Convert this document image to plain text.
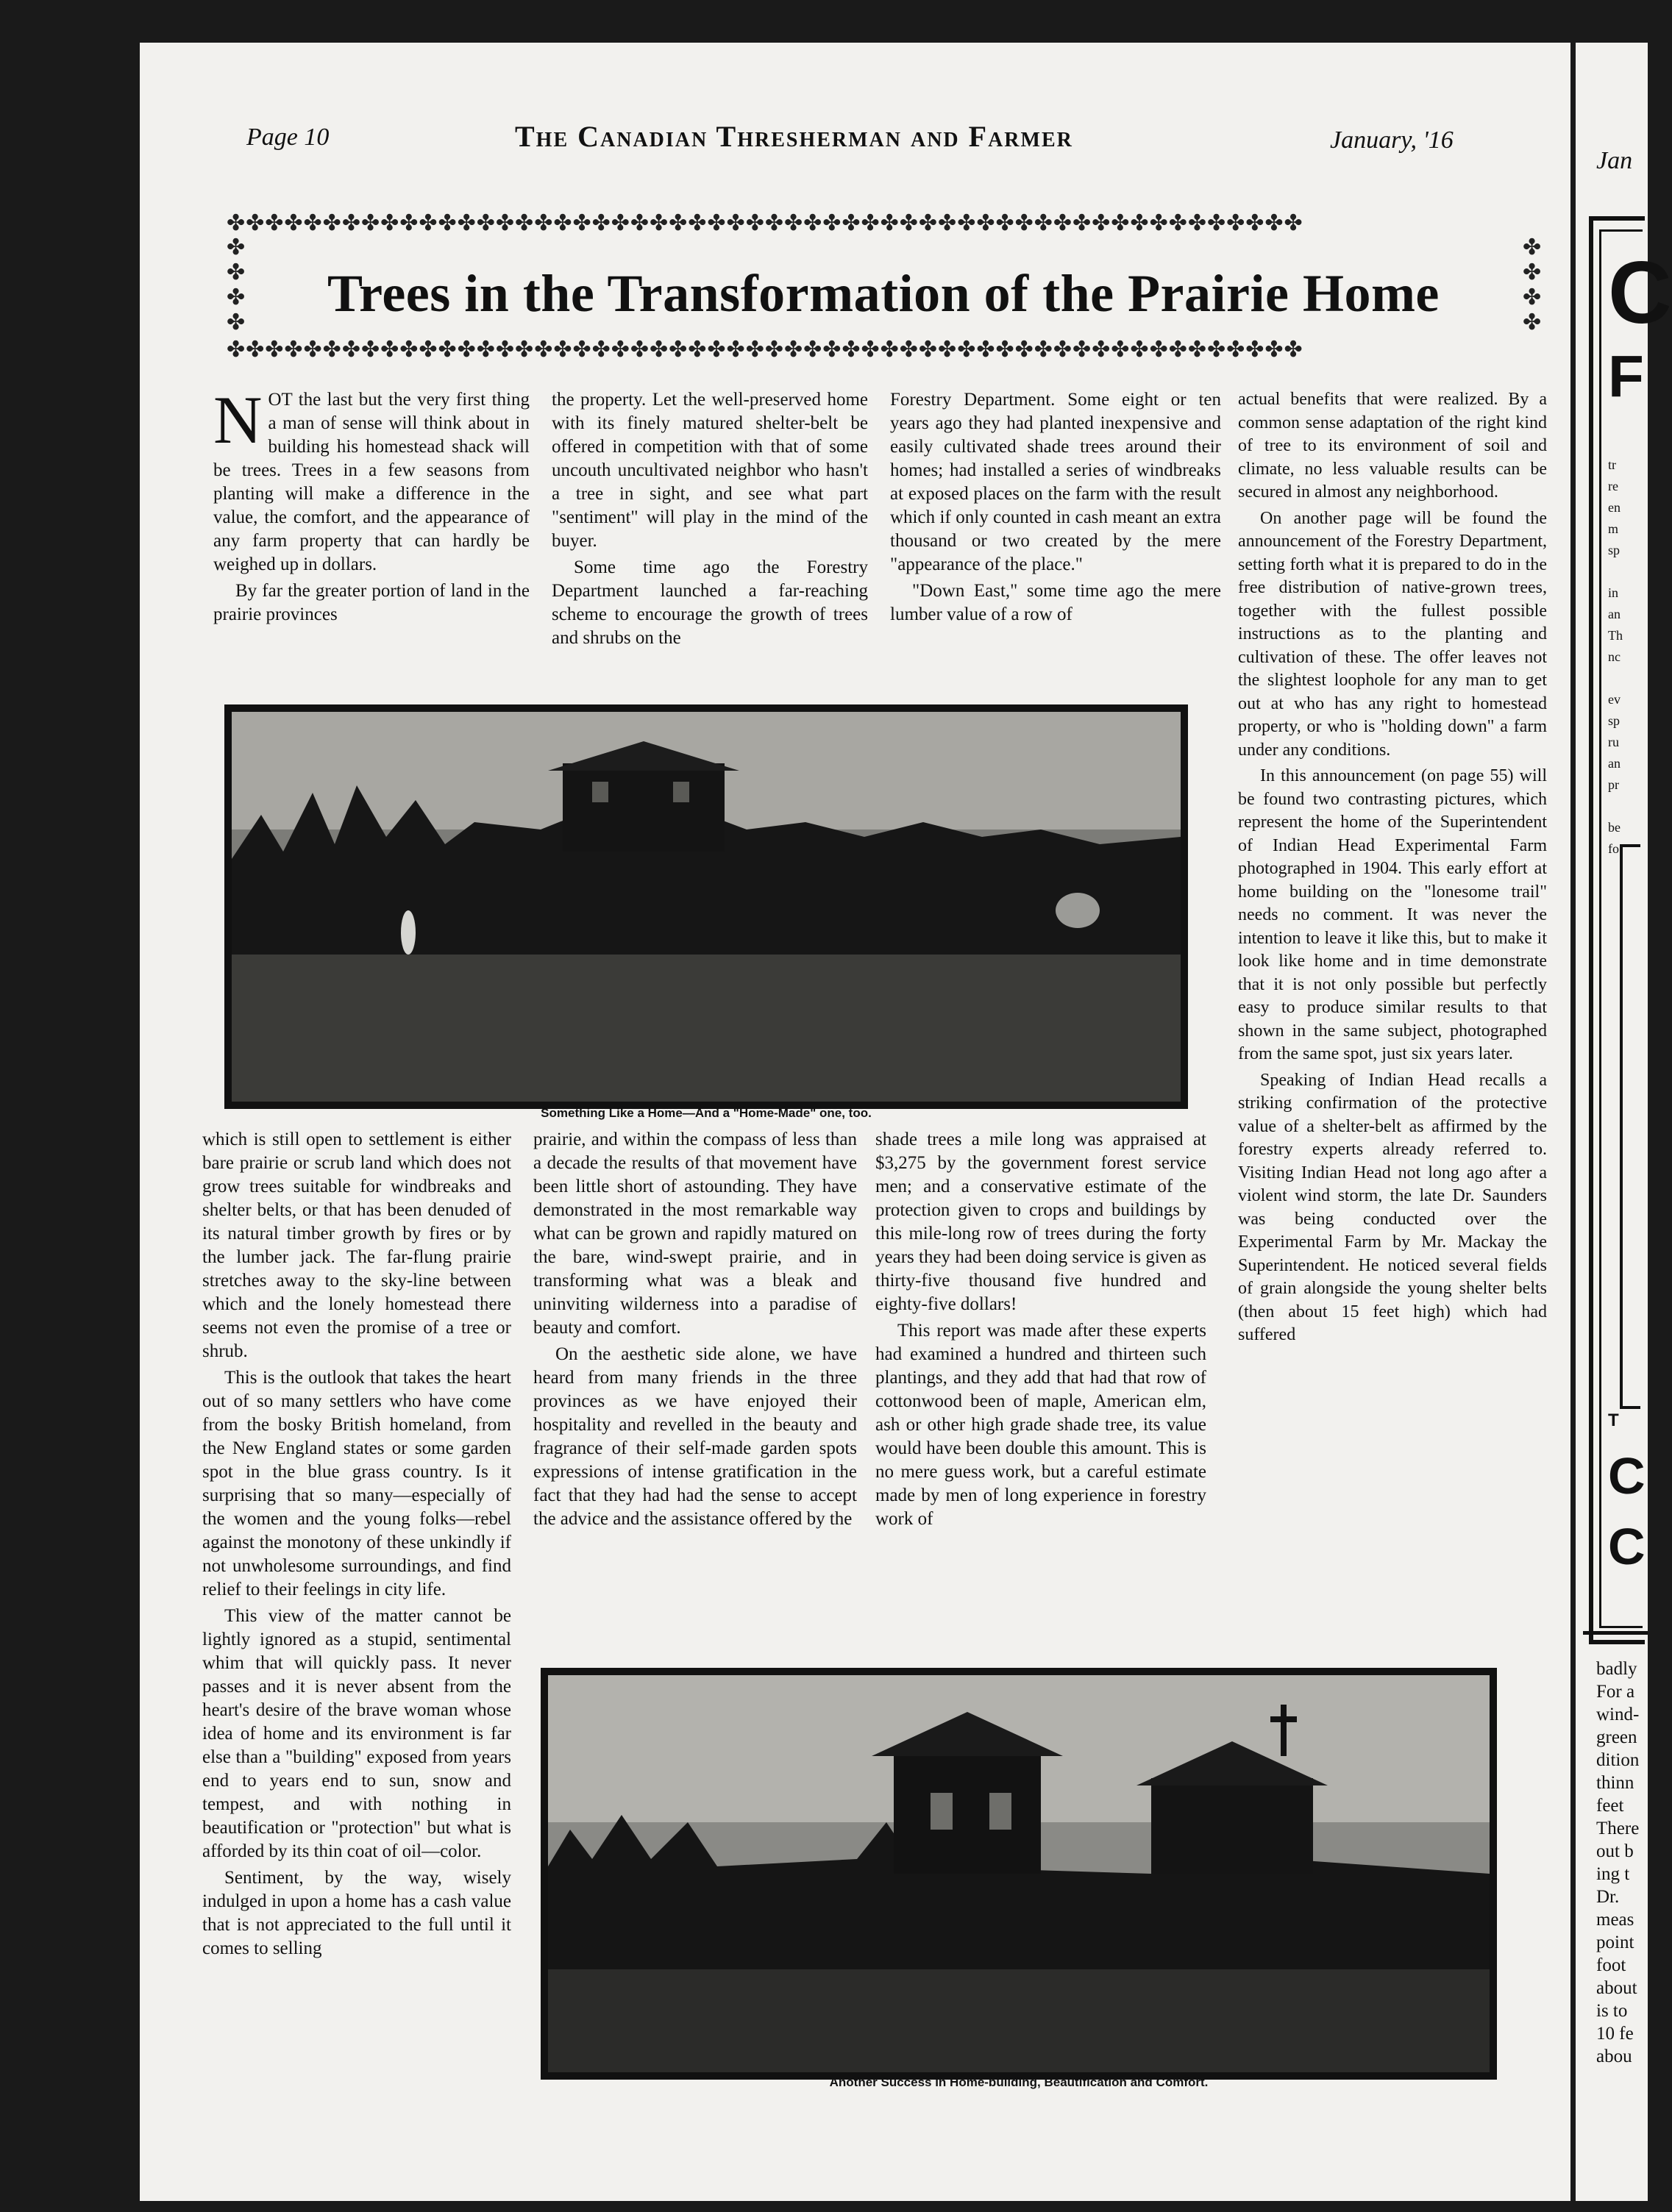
Page 10	The Canadian Thresherman and Farmer	January, '16
✤✤✤✤✤✤✤✤✤✤✤✤✤✤✤✤✤✤✤✤✤✤✤✤✤✤✤✤✤✤✤✤✤✤✤✤✤✤✤✤✤✤✤✤✤✤✤✤✤✤✤✤✤✤✤✤
✤✤✤✤✤✤✤✤✤✤✤✤✤✤✤✤✤✤✤✤✤✤✤✤✤✤✤✤✤✤✤✤✤✤✤✤✤✤✤✤✤✤✤✤✤✤✤✤✤✤✤✤✤✤✤✤
✤ ✤ ✤ ✤
✤ ✤ ✤ ✤
Trees in the Transformation of the Prairie Home

NOT the last but the very first thing a man of sense will think about in building his homestead shack will be trees. Trees in a few seasons from planting will make a difference in the value, the comfort, and the appearance of any farm property that can hardly be weighed up in dollars.

By far the greater portion of land in the prairie provinces

the property. Let the well-preserved home with its finely matured shelter-belt be offered in competition with that of some uncouth uncultivated neighbor who hasn't a tree in sight, and see what part "sentiment" will play in the mind of the buyer.

Some time ago the Forestry Department launched a far-reaching scheme to encourage the growth of trees and shrubs on the

Forestry Department. Some eight or ten years ago they had planted inexpensive and easily cultivated shade trees around their homes; had installed a series of windbreaks at exposed places on the farm with the result which if only counted in cash meant an extra thousand or two created by the mere "appearance of the place."

"Down East," some time ago the mere lumber value of a row of

actual benefits that were realized. By a common sense adaptation of the right kind of tree to its environment of soil and climate, no less valuable results can be secured in almost any neighborhood.

On another page will be found the announcement of the Forestry Department, setting forth what it is prepared to do in the free distribution of native-grown trees, together with the fullest possible instructions as to the planting and cultivation of these. The offer leaves not the slightest loophole for any man to get out at who has any right to homestead property, or who is "holding down" a farm under any conditions.

In this announcement (on page 55) will be found two contrasting pictures, which represent the home of the Superintendent of Indian Head Experimental Farm photographed in 1904. This early effort at home building on the "lonesome trail" needs no comment. It was never the intention to leave it like this, but to make it look like home and in time demonstrate that it is not only possible but perfectly easy to produce similar results to that shown in the same subject, photographed from the same spot, just six years later.

Speaking of Indian Head recalls a striking confirmation of the protective value of a shelter-belt as affirmed by the forestry experts already referred to. Visiting Indian Head not long ago after a violent wind storm, the late Dr. Saunders was being conducted over the Experimental Farm by Mr. Mackay the Superintendent. He noticed several fields of grain alongside the young shelter belts (then about 15 feet high) which had suffered

Something Like a Home—And a "Home-Made" one, too.

which is still open to settlement is either bare prairie or scrub land which does not grow trees suitable for windbreaks and shelter belts, or that has been denuded of its natural timber growth by fires or by the lumber jack. The far-flung prairie stretches away to the sky-line between which and the lonely homestead there seems not even the promise of a tree or shrub.

This is the outlook that takes the heart out of so many settlers who have come from the bosky British homeland, from the New England states or some garden spot in the blue grass country. Is it surprising that so many—especially of the women and the young folks—rebel against the monotony of these unkindly if not unwholesome surroundings, and find relief to their feelings in city life.

This view of the matter cannot be lightly ignored as a stupid, sentimental whim that will quickly pass. It never passes and it is never absent from the heart's desire of the brave woman whose idea of home and its environment is far else than a "building" exposed from years end to years end to sun, snow and tempest, and with nothing in beautification or "protection" but what is afforded by its thin coat of oil—color.

Sentiment, by the way, wisely indulged in upon a home has a cash value that is not appreciated to the full until it comes to selling

prairie, and within the compass of less than a decade the results of that movement have been little short of astounding. They have demonstrated in the most remarkable way what can be grown and rapidly matured on the bare, wind-swept prairie, and in transforming what was a bleak and uninviting wilderness into a paradise of beauty and comfort.

On the aesthetic side alone, we have heard from many friends in the three provinces as we have enjoyed their hospitality and revelled in the beauty and fragrance of their self-made garden spots expressions of intense gratification in the fact that they had had the sense to accept the advice and the assistance offered by the

shade trees a mile long was appraised at $3,275 by the government forest service men; and a conservative estimate of the protection given to crops and buildings by this mile-long row of trees during the forty years they had been doing service is given as thirty-five thousand five hundred and eighty-five dollars!

This report was made after these experts had examined a hundred and thirteen such plantings, and they add that had that row of cottonwood been of maple, American elm, ash or other high grade shade tree, its value would have been double this amount. This is no mere guess work, but a careful estimate made by men of long experience in forestry work of

Another Success in Home-building, Beautification and Comfort.
Jan
C
F
tr
re
en
m
sp

in
an
Th
nc

ev
sp
ru
an
pr

be
fo
T
C
C
badly
For a
wind-
green
dition
thinn
feet
There
out b
ing t
Dr.
meas
point
foot
about
is to
10 fe
abou
